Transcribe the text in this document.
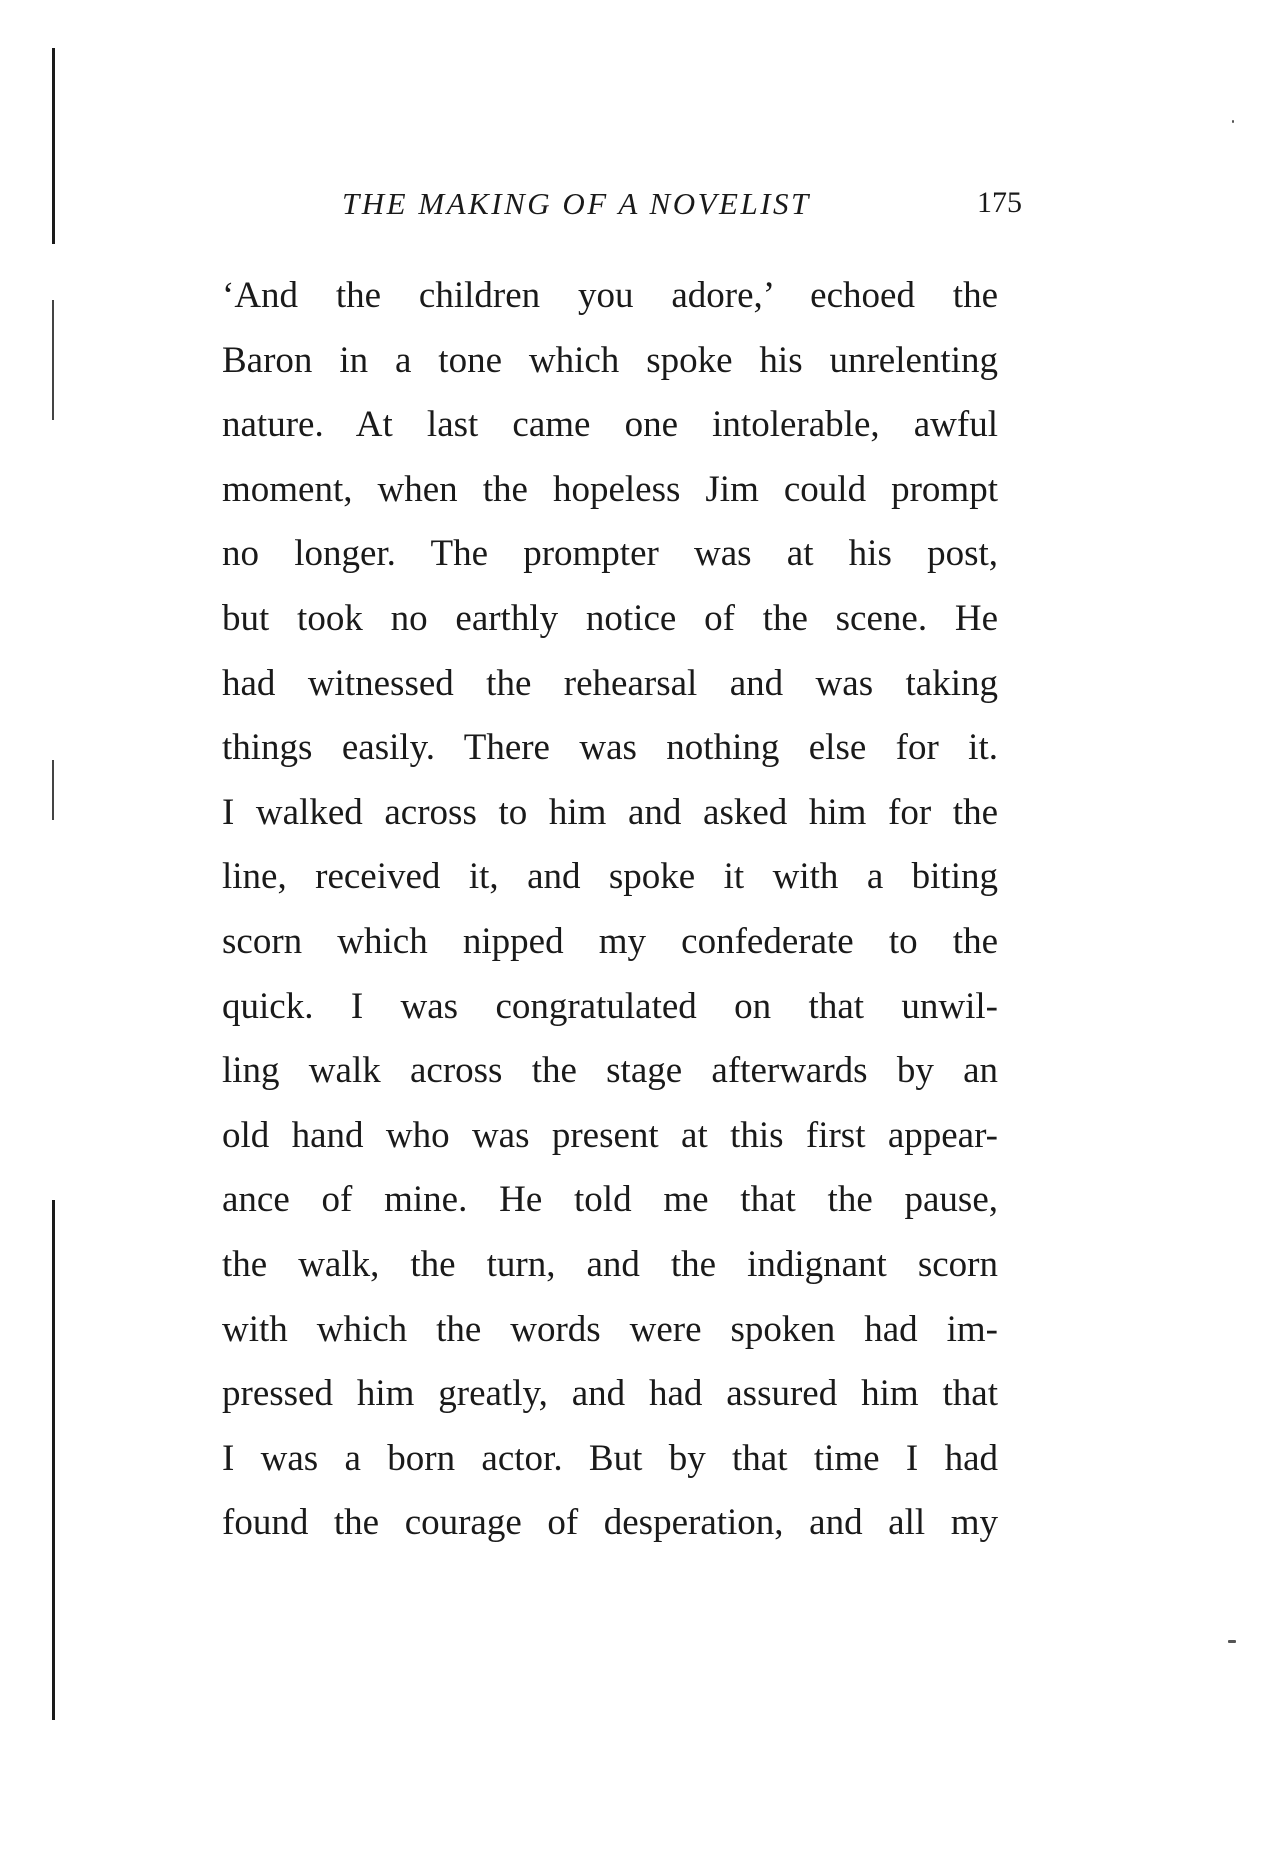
THE MAKING OF A NOVELIST	175
‘And the children you adore,’ echoed the
Baron in a tone which spoke his unrelenting
nature. At last came one intolerable, awful
moment, when the hopeless Jim could prompt
no longer. The prompter was at his post,
but took no earthly notice of the scene. He
had witnessed the rehearsal and was taking
things easily. There was nothing else for it.
I walked across to him and asked him for the
line, received it, and spoke it with a biting
scorn which nipped my confederate to the
quick. I was congratulated on that unwil-
ling walk across the stage afterwards by an
old hand who was present at this first appear-
ance of mine. He told me that the pause,
the walk, the turn, and the indignant scorn
with which the words were spoken had im-
pressed him greatly, and had assured him that
I was a born actor. But by that time I had
found the courage of desperation, and all my
